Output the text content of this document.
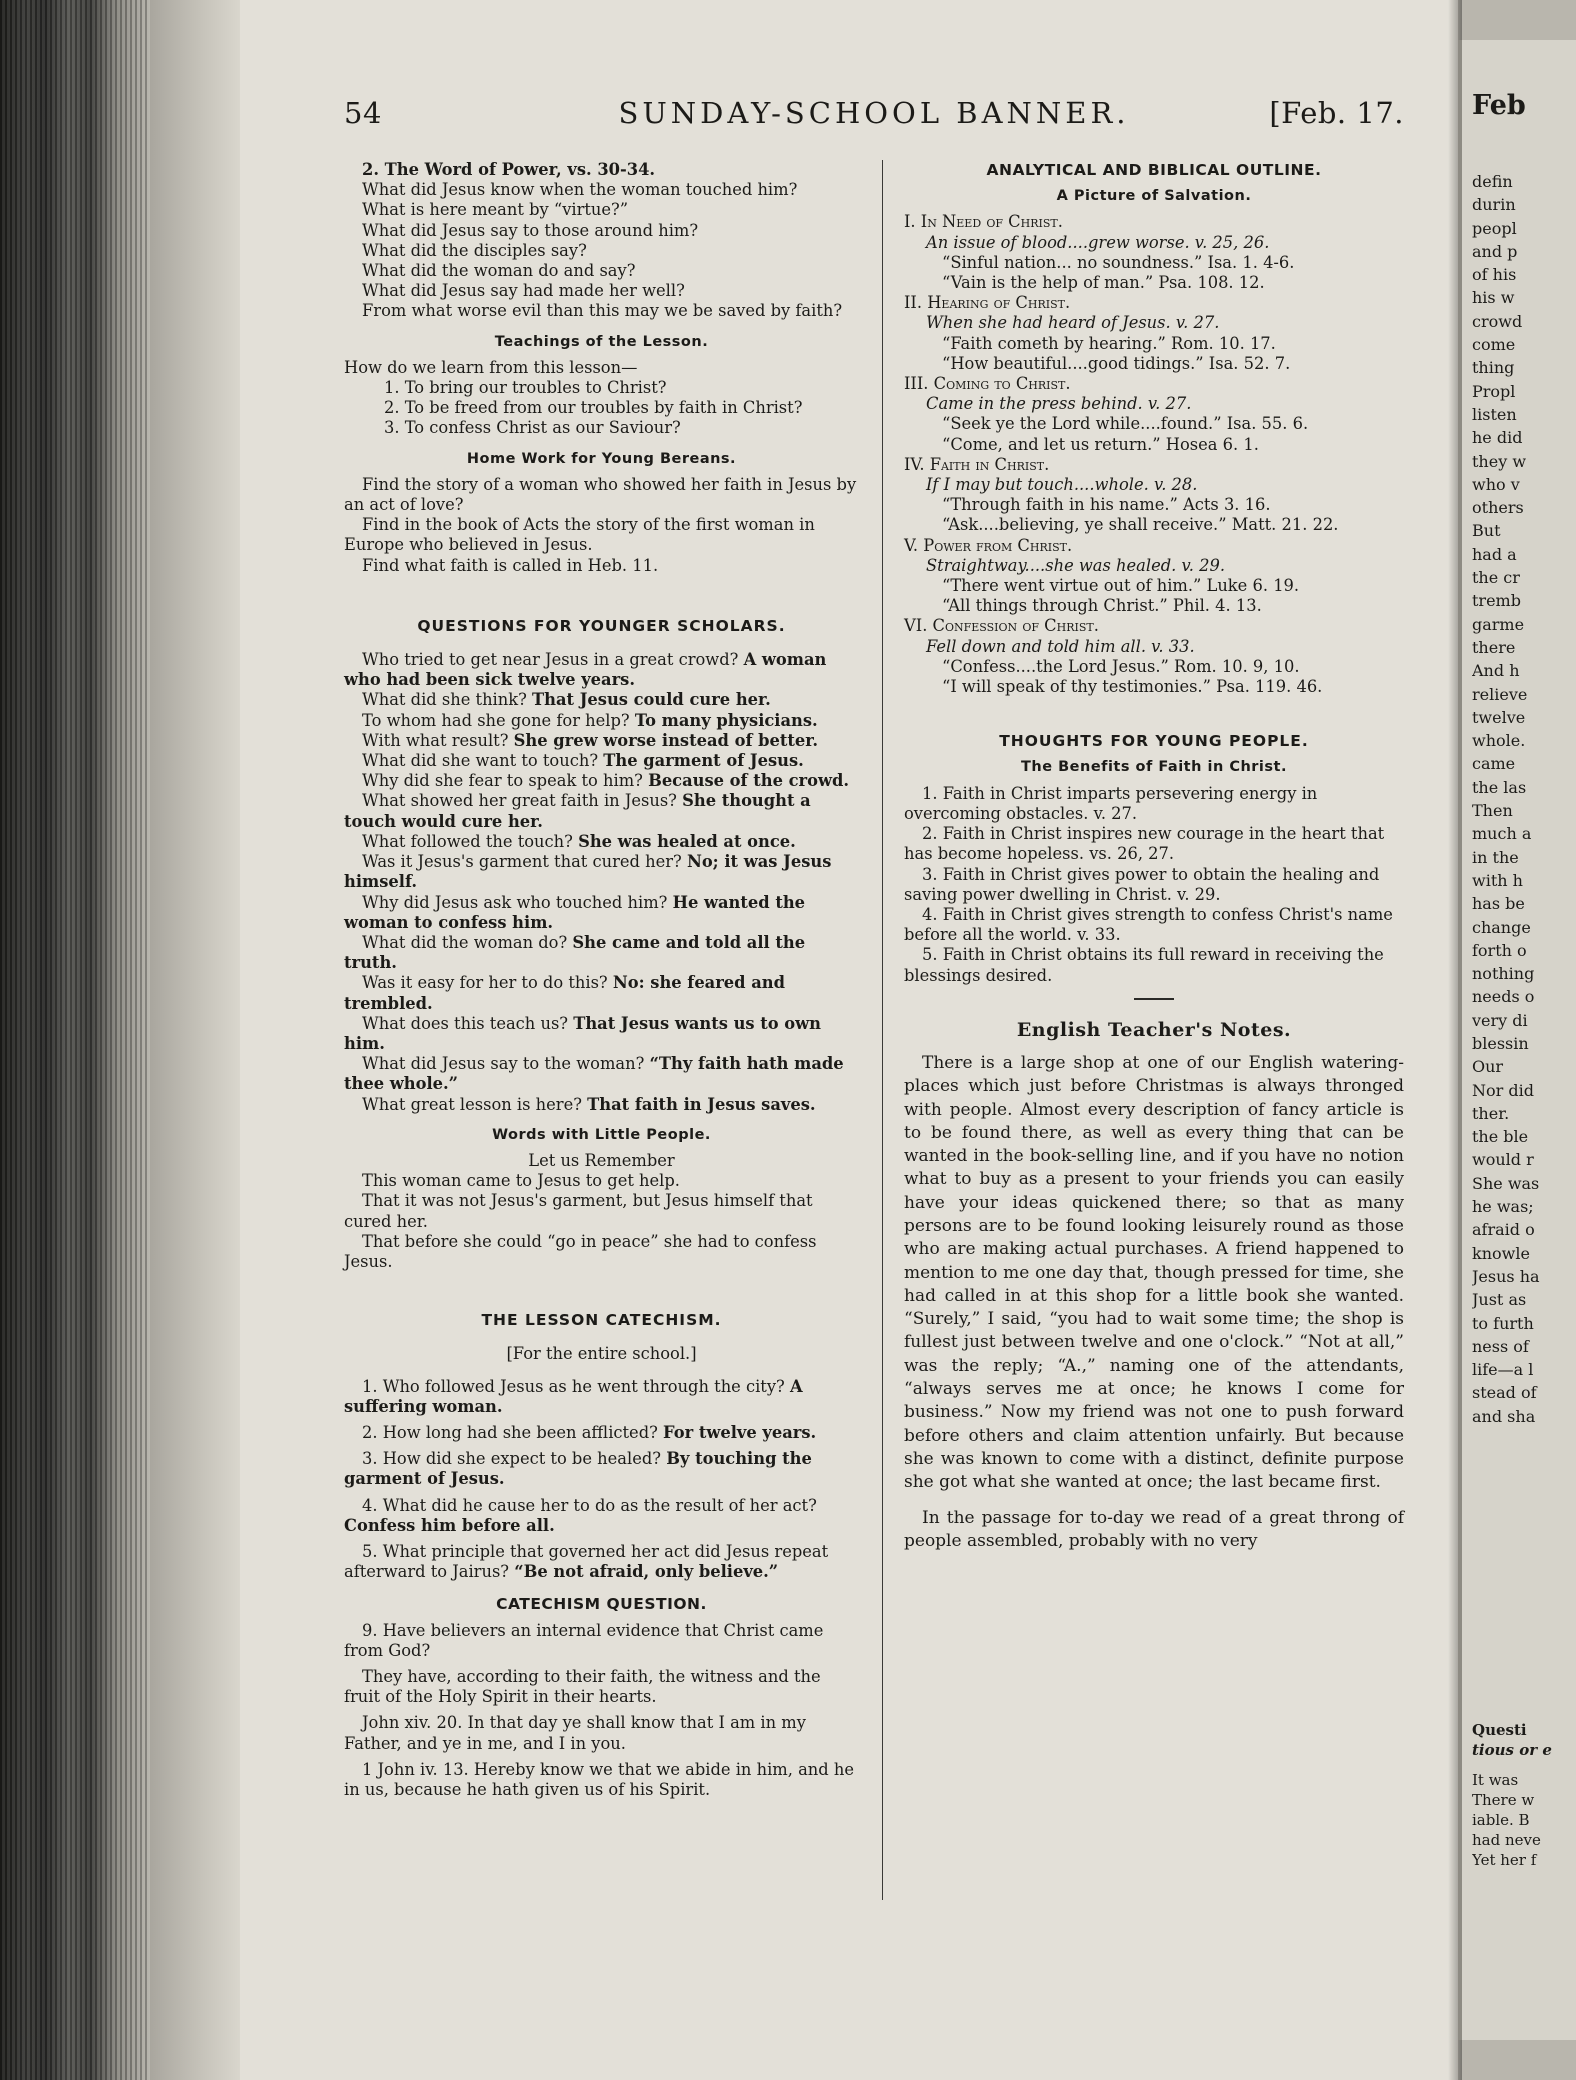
54	SUNDAY-SCHOOL BANNER.	[Feb. 17.

2. The Word of Power, vs. 30-34.

What did Jesus know when the woman touched him?

What is here meant by “virtue?”

What did Jesus say to those around him?

What did the disciples say?

What did the woman do and say?

What did Jesus say had made her well?

From what worse evil than this may we be saved by faith?

Teachings of the Lesson.

How do we learn from this lesson—

1. To bring our troubles to Christ?

2. To be freed from our troubles by faith in Christ?

3. To confess Christ as our Saviour?

Home Work for Young Bereans.

Find the story of a woman who showed her faith in Jesus by an act of love?

Find in the book of Acts the story of the first woman in Europe who believed in Jesus.

Find what faith is called in Heb. 11.

QUESTIONS FOR YOUNGER SCHOLARS.

Who tried to get near Jesus in a great crowd? A woman who had been sick twelve years.

What did she think? That Jesus could cure her.

To whom had she gone for help? To many physicians.

With what result? She grew worse instead of better.

What did she want to touch? The garment of Jesus.

Why did she fear to speak to him? Because of the crowd.

What showed her great faith in Jesus? She thought a touch would cure her.

What followed the touch? She was healed at once.

Was it Jesus's garment that cured her? No; it was Jesus himself.

Why did Jesus ask who touched him? He wanted the woman to confess him.

What did the woman do? She came and told all the truth.

Was it easy for her to do this? No: she feared and trembled.

What does this teach us? That Jesus wants us to own him.

What did Jesus say to the woman? “Thy faith hath made thee whole.”

What great lesson is here? That faith in Jesus saves.

Words with Little People.

Let us Remember

This woman came to Jesus to get help.

That it was not Jesus's garment, but Jesus himself that cured her.

That before she could “go in peace” she had to confess Jesus.

THE LESSON CATECHISM.

[For the entire school.]

1. Who followed Jesus as he went through the city? A suffering woman.

2. How long had she been afflicted? For twelve years.

3. How did she expect to be healed? By touching the garment of Jesus.

4. What did he cause her to do as the result of her act? Confess him before all.

5. What principle that governed her act did Jesus repeat afterward to Jairus? “Be not afraid, only believe.”

CATECHISM QUESTION.

9. Have believers an internal evidence that Christ came from God?

They have, according to their faith, the witness and the fruit of the Holy Spirit in their hearts.

John xiv. 20. In that day ye shall know that I am in my Father, and ye in me, and I in you.

1 John iv. 13. Hereby know we that we abide in him, and he in us, because he hath given us of his Spirit.

ANALYTICAL AND BIBLICAL OUTLINE.
A Picture of Salvation.

I. In Need of Christ.

An issue of blood....grew worse. v. 25, 26.

“Sinful nation... no soundness.” Isa. 1. 4-6.

“Vain is the help of man.” Psa. 108. 12.

II. Hearing of Christ.

When she had heard of Jesus. v. 27.

“Faith cometh by hearing.” Rom. 10. 17.

“How beautiful....good tidings.” Isa. 52. 7.

III. Coming to Christ.

Came in the press behind. v. 27.

“Seek ye the Lord while....found.” Isa. 55. 6.

“Come, and let us return.” Hosea 6. 1.

IV. Faith in Christ.

If I may but touch....whole. v. 28.

“Through faith in his name.” Acts 3. 16.

“Ask....believing, ye shall receive.” Matt. 21. 22.

V. Power from Christ.

Straightway....she was healed. v. 29.

“There went virtue out of him.” Luke 6. 19.

“All things through Christ.” Phil. 4. 13.

VI. Confession of Christ.

Fell down and told him all. v. 33.

“Confess....the Lord Jesus.” Rom. 10. 9, 10.

“I will speak of thy testimonies.” Psa. 119. 46.

THOUGHTS FOR YOUNG PEOPLE.
The Benefits of Faith in Christ.

1. Faith in Christ imparts persevering energy in overcoming obstacles. v. 27.

2. Faith in Christ inspires new courage in the heart that has become hopeless. vs. 26, 27.

3. Faith in Christ gives power to obtain the healing and saving power dwelling in Christ. v. 29.

4. Faith in Christ gives strength to confess Christ's name before all the world. v. 33.

5. Faith in Christ obtains its full reward in receiving the blessings desired.

English Teacher's Notes.

There is a large shop at one of our English watering-places which just before Christmas is always thronged with people. Almost every description of fancy article is to be found there, as well as every thing that can be wanted in the book-selling line, and if you have no notion what to buy as a present to your friends you can easily have your ideas quickened there; so that as many persons are to be found looking leisurely round as those who are making actual purchases. A friend happened to mention to me one day that, though pressed for time, she had called in at this shop for a little book she wanted. “Surely,” I said, “you had to wait some time; the shop is fullest just between twelve and one o'clock.” “Not at all,” was the reply; “A.,” naming one of the attendants, “always serves me at once; he knows I come for business.” Now my friend was not one to push forward before others and claim attention unfairly. But because she was known to come with a distinct, definite purpose she got what she wanted at once; the last became first.

In the passage for to-day we read of a great throng of people assembled, probably with no very

Feb
defin
durin
peopl
and p
of his
his w
crowd
come
thing
Propl
listen
he did
they w
who v
others
But
had a
the cr
tremb
garme
there
And h
relieve
twelve
whole.
came
the las
Then
much a
in the
with h
has be
change
forth o
nothing
needs o
very di
blessin
Our
Nor did
ther.
the ble
would r
She was
he was;
afraid o
knowle
Jesus ha
Just as
to furth
ness of
life—a l
stead of
and sha
Questi
tious or e
It was
There w
iable. B
had neve
Yet her f
